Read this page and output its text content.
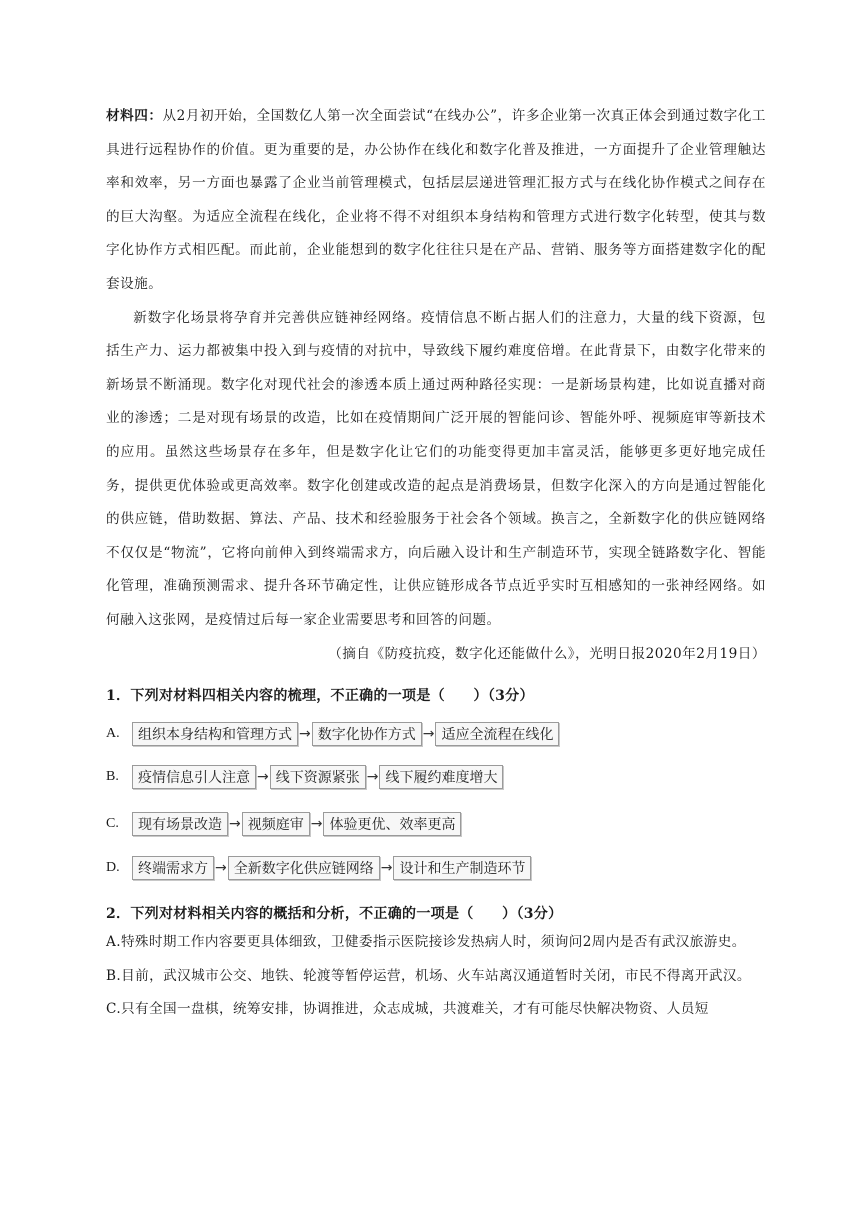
材料四：从2月初开始，全国数亿人第一次全面尝试“在线办公”，许多企业第一次真正体会到通过数字化工具进行远程协作的价值。更为重要的是，办公协作在线化和数字化普及推进，一方面提升了企业管理触达率和效率，另一方面也暴露了企业当前管理模式，包括层层递进管理汇报方式与在线化协作模式之间存在的巨大沟壑。为适应全流程在线化，企业将不得不对组织本身结构和管理方式进行数字化转型，使其与数字化协作方式相匹配。而此前，企业能想到的数字化往往只是在产品、营销、服务等方面搭建数字化的配套设施。

新数字化场景将孕育并完善供应链神经网络。疫情信息不断占据人们的注意力，大量的线下资源，包括生产力、运力都被集中投入到与疫情的对抗中，导致线下履约难度倍增。在此背景下，由数字化带来的新场景不断涌现。数字化对现代社会的渗透本质上通过两种路径实现：一是新场景构建，比如说直播对商业的渗透；二是对现有场景的改造，比如在疫情期间广泛开展的智能问诊、智能外呼、视频庭审等新技术的应用。虽然这些场景存在多年，但是数字化让它们的功能变得更加丰富灵活，能够更多更好地完成任务，提供更优体验或更高效率。数字化创建或改造的起点是消费场景，但数字化深入的方向是通过智能化的供应链，借助数据、算法、产品、技术和经验服务于社会各个领域。换言之，全新数字化的供应链网络不仅仅是“物流”，它将向前伸入到终端需求方，向后融入设计和生产制造环节，实现全链路数字化、智能化管理，准确预测需求、提升各环节确定性，让供应链形成各节点近乎实时互相感知的一张神经网络。如何融入这张网，是疫情过后每一家企业需要思考和回答的问题。
（摘自《防疫抗疫，数字化还能做什么》，光明日报2020年2月19日）

1．下列对材料四相关内容的梳理，不正确的一项是（　　）（3分）
A.	组织本身结构和管理方式 → 数字化协作方式 → 适应全流程在线化
B.	疫情信息引人注意 → 线下资源紧张 → 线下履约难度增大
C.	现有场景改造 → 视频庭审 → 体验更优、效率更高
D.	终端需求方 → 全新数字化供应链网络 → 设计和生产制造环节
2．下列对材料相关内容的概括和分析，不正确的一项是（　　）（3分）

A.特殊时期工作内容要更具体细致，卫健委指示医院接诊发热病人时，须询问2周内是否有武汉旅游史。

B.目前，武汉城市公交、地铁、轮渡等暂停运营，机场、火车站离汉通道暂时关闭，市民不得离开武汉。

C.只有全国一盘棋，统筹安排，协调推进，众志成城，共渡难关，才有可能尽快解决物资、人员短
